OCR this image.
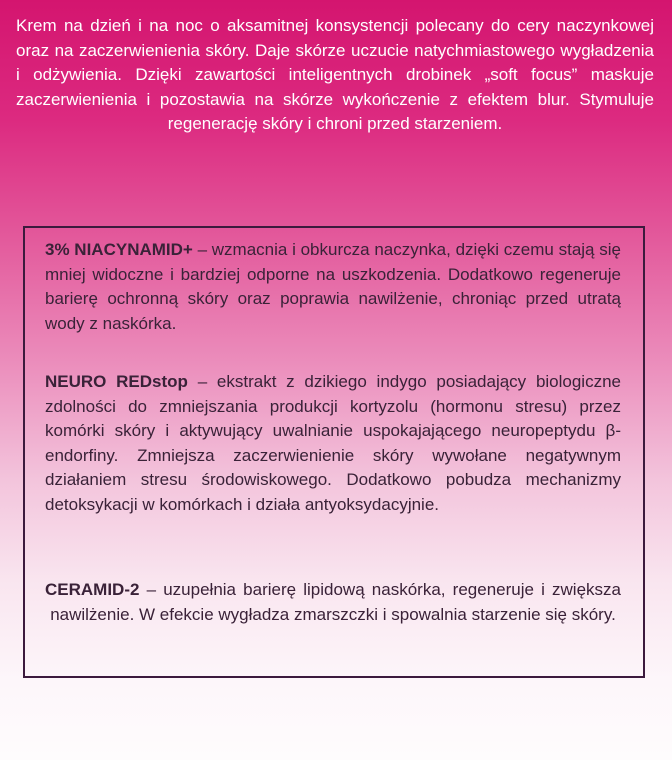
Krem na dzień i na noc o aksamitnej konsystencji polecany do cery naczynkowej oraz na zaczerwienienia skóry. Daje skórze uczucie natychmiastowego wygładzenia i odżywienia. Dzięki zawartości inteligentnych drobinek „soft focus” maskuje zaczerwienienia i pozostawia na skórze wykończenie z efektem blur. Stymuluje regenerację skóry i chroni przed starzeniem.

3% NIACYNAMID+ – wzmacnia i obkurcza naczynka, dzięki czemu stają się mniej widoczne i bardziej odporne na uszkodzenia. Dodatkowo regeneruje barierę ochronną skóry oraz poprawia nawilżenie, chroniąc przed utratą wody z naskórka.

NEURO REDstop – ekstrakt z dzikiego indygo posiadający biologiczne zdolności do zmniejszania produkcji kortyzolu (hormonu stresu) przez komórki skóry i aktywujący uwalnianie uspokajającego neuropeptydu β-endorfiny. Zmniejsza zaczerwienienie skóry wywołane negatywnym działaniem stresu środowiskowego. Dodatkowo pobudza mechanizmy detoksykacji w komórkach i działa antyoksydacyjnie.

CERAMID-2 – uzupełnia barierę lipidową naskórka, regeneruje i zwiększa nawilżenie. W efekcie wygładza zmarszczki i spowalnia starzenie się skóry.
